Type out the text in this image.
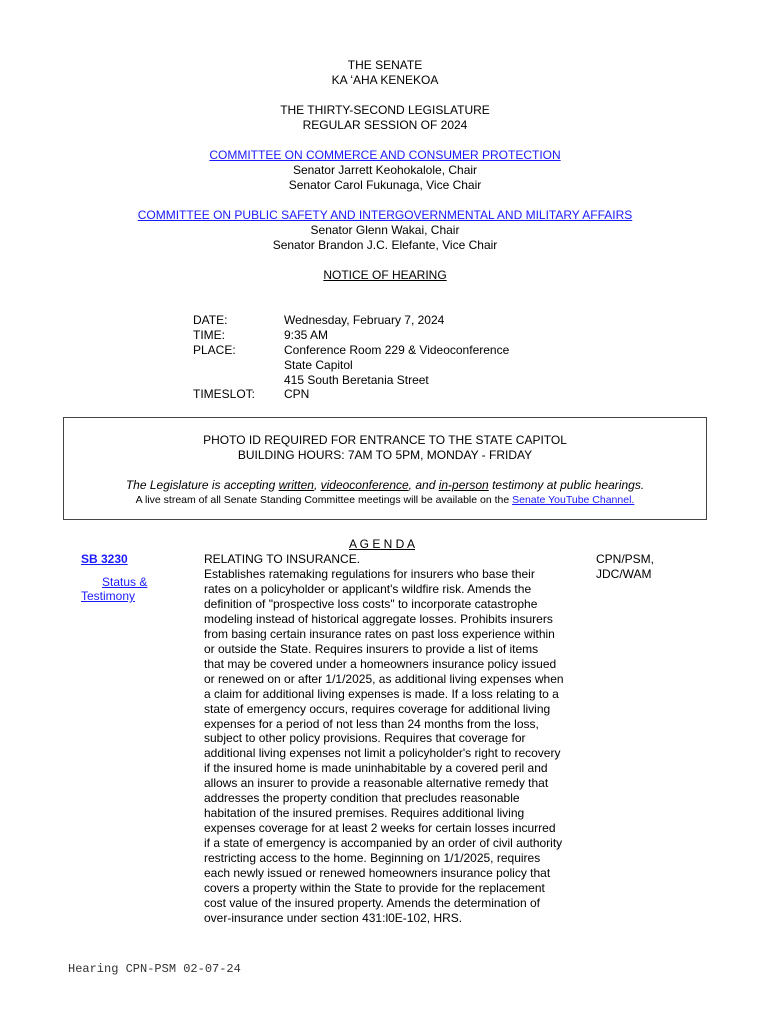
THE SENATE
KA ʻAHA KENEKOA
THE THIRTY-SECOND LEGISLATURE
REGULAR SESSION OF 2024
COMMITTEE ON COMMERCE AND CONSUMER PROTECTION
Senator Jarrett Keohokalole, Chair
Senator Carol Fukunaga, Vice Chair
COMMITTEE ON PUBLIC SAFETY AND INTERGOVERNMENTAL AND MILITARY AFFAIRS
Senator Glenn Wakai, Chair
Senator Brandon J.C. Elefante, Vice Chair
NOTICE OF HEARING
DATE:	Wednesday, February 7, 2024
TIME:	9:35 AM
PLACE:	Conference Room 229 & Videoconference
State Capitol
415 South Beretania Street
TIMESLOT: CPN
PHOTO ID REQUIRED FOR ENTRANCE TO THE STATE CAPITOL
BUILDING HOURS: 7AM TO 5PM, MONDAY - FRIDAY
The Legislature is accepting written, videoconference, and in-person testimony at public hearings.
A live stream of all Senate Standing Committee meetings will be available on the Senate YouTube Channel.
A G E N D A
SB 3230
Status &
Testimony
RELATING TO INSURANCE.
Establishes ratemaking regulations for insurers who base their
rates on a policyholder or applicant's wildfire risk. Amends the
definition of "prospective loss costs" to incorporate catastrophe
modeling instead of historical aggregate losses. Prohibits insurers
from basing certain insurance rates on past loss experience within
or outside the State. Requires insurers to provide a list of items
that may be covered under a homeowners insurance policy issued
or renewed on or after 1/1/2025, as additional living expenses when
a claim for additional living expenses is made. If a loss relating to a
state of emergency occurs, requires coverage for additional living
expenses for a period of not less than 24 months from the loss,
subject to other policy provisions. Requires that coverage for
additional living expenses not limit a policyholder's right to recovery
if the insured home is made uninhabitable by a covered peril and
allows an insurer to provide a reasonable alternative remedy that
addresses the property condition that precludes reasonable
habitation of the insured premises. Requires additional living
expenses coverage for at least 2 weeks for certain losses incurred
if a state of emergency is accompanied by an order of civil authority
restricting access to the home. Beginning on 1/1/2025, requires
each newly issued or renewed homeowners insurance policy that
covers a property within the State to provide for the replacement
cost value of the insured property. Amends the determination of
over-insurance under section 431:l0E-102, HRS.
CPN/PSM,
JDC/WAM
Hearing CPN-PSM 02-07-24
